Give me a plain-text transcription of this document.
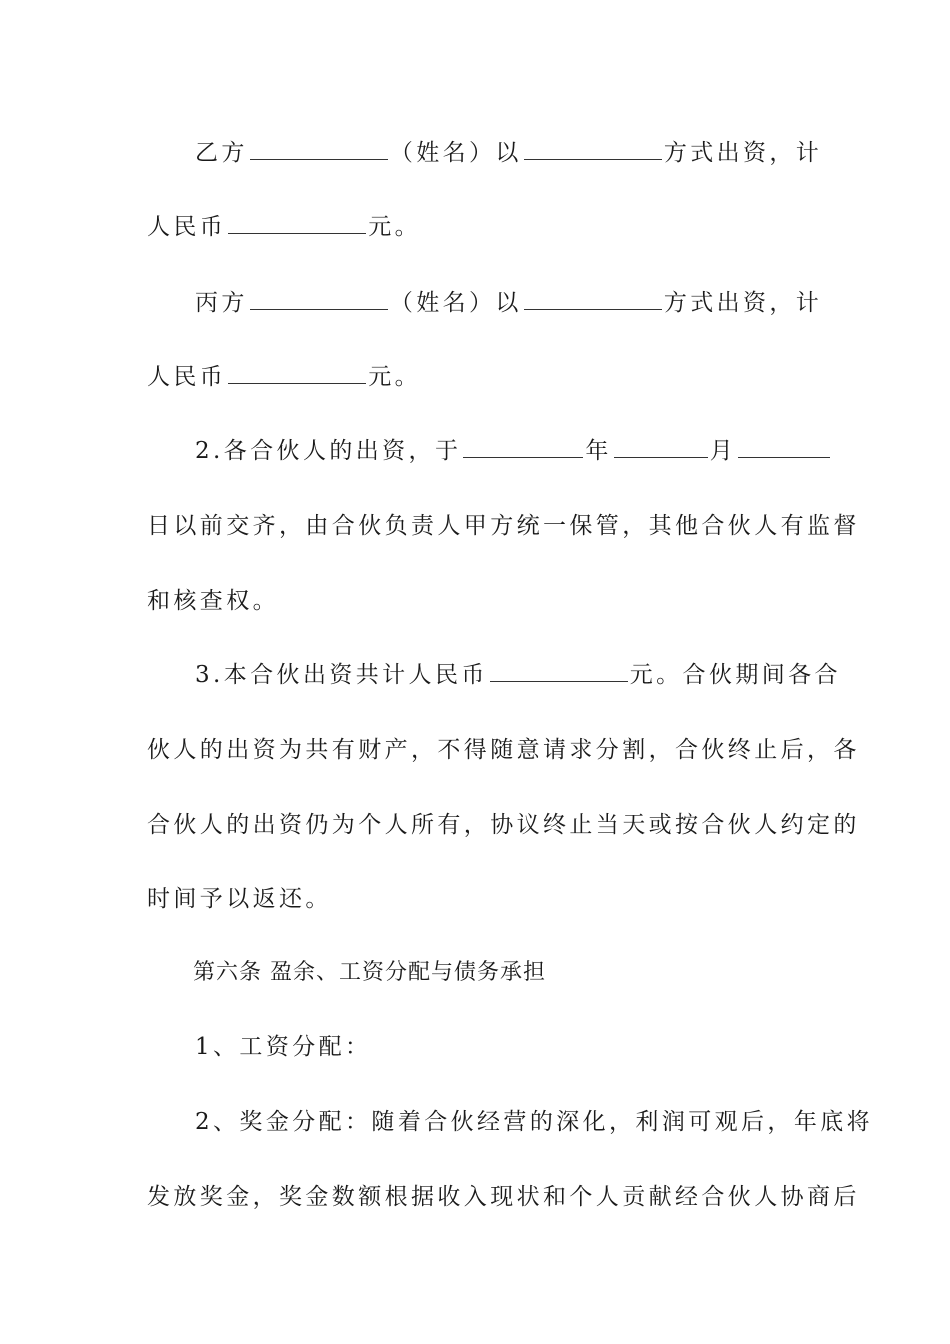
乙方	（姓名）以	方式出资，计
人民币	元。
丙方	（姓名）以	方式出资，计
人民币	元。
2.各合伙人的出资，于	年	月
日以前交齐，由合伙负责人甲方统一保管，其他合伙人有监督
和核查权。
3.本合伙出资共计人民币	元。合伙期间各合
伙人的出资为共有财产，不得随意请求分割，合伙终止后，各
合伙人的出资仍为个人所有，协议终止当天或按合伙人约定的
时间予以返还。
第六条 盈余、工资分配与债务承担
1、工资分配：
2、奖金分配：随着合伙经营的深化，利润可观后，年底将
发放奖金，奖金数额根据收入现状和个人贡献经合伙人协商后
